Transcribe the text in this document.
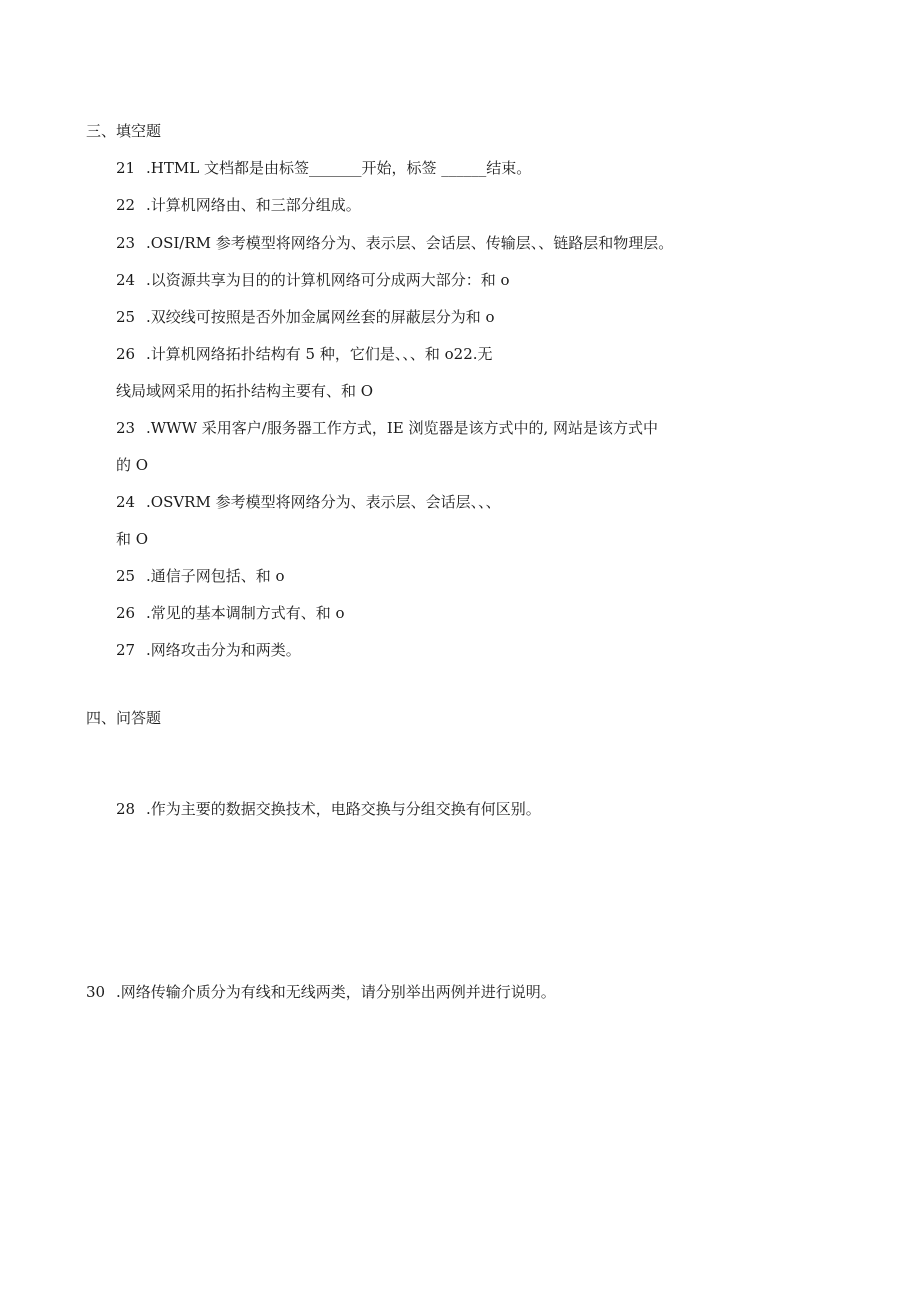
三、填空题
21 .HTML 文档都是由标签_______开始，标签 ______结束。
22 .计算机网络由、和三部分组成。
23 .OSI/RM 参考模型将网络分为、表示层、会话层、传输层、、链路层和物理层。
24 .以资源共享为目的的计算机网络可分成两大部分：和 o
25 .双绞线可按照是否外加金属网丝套的屏蔽层分为和 o
26 .计算机网络拓扑结构有 5 种，它们是、、、和 o22.无
线局域网采用的拓扑结构主要有、和 O
23 .WWW 采用客户/服务器工作方式，IE 浏览器是该方式中的, 网站是该方式中
的 O
24 .OSVRM 参考模型将网络分为、表示层、会话层、、、
和 O
25 .通信子网包括、和 o
26 .常见的基本调制方式有、和 o
27 .网络攻击分为和两类。
四、问答题
28 .作为主要的数据交换技术，电路交换与分组交换有何区别。
30 .网络传输介质分为有线和无线两类，请分别举出两例并进行说明。
